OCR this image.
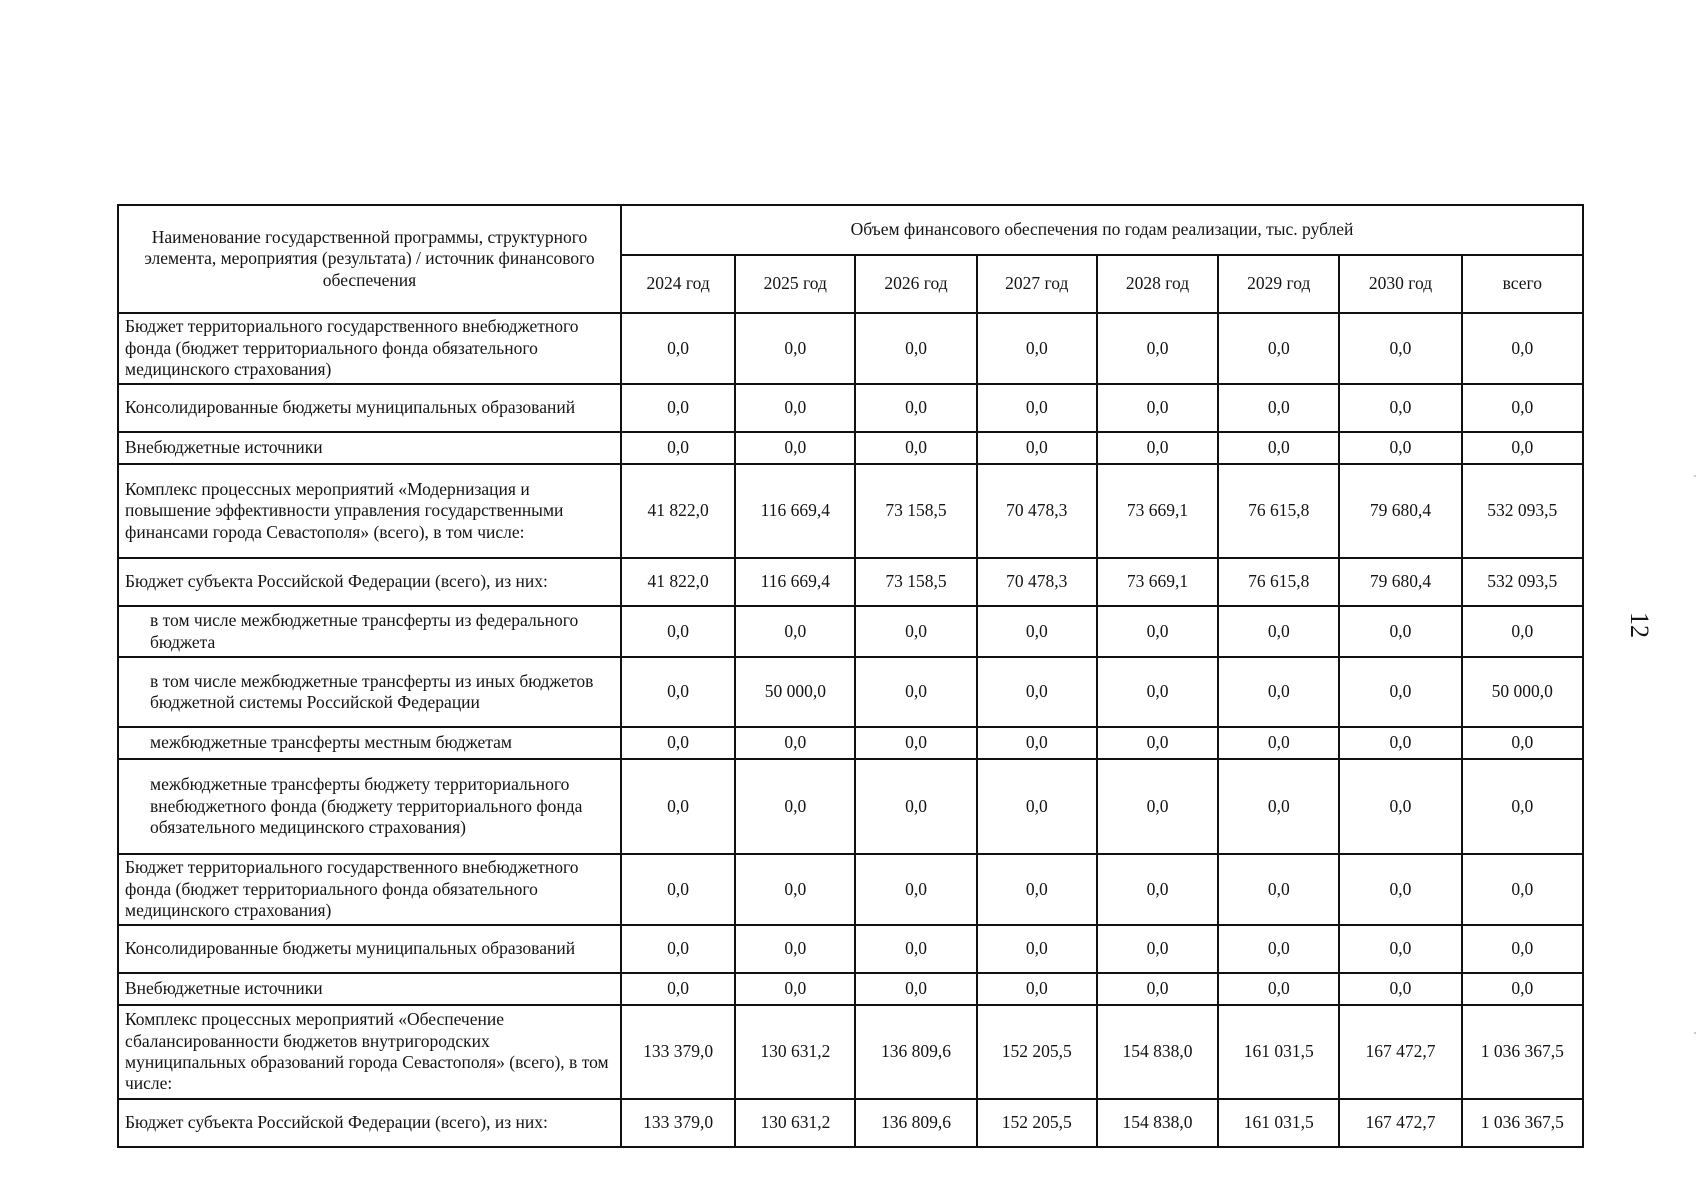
12
Наименование государственной программы, структурного элемента, мероприятия (результата) / источник финансового обеспечения	Объем финансового обеспечения по годам реализации, тыс. рублей							
	2024 год	2025 год	2026 год	2027 год	2028 год	2029 год	2030 год	всего
Бюджет территориального государственного внебюджетного фонда (бюджет территориального фонда обязательного медицинского страхования)	0,0	0,0	0,0	0,0	0,0	0,0	0,0	0,0
Консолидированные бюджеты муниципальных образований	0,0	0,0	0,0	0,0	0,0	0,0	0,0	0,0
Внебюджетные источники	0,0	0,0	0,0	0,0	0,0	0,0	0,0	0,0
Комплекс процессных мероприятий «Модернизация и повышение эффективности управления государственными финансами города Севастополя» (всего), в том числе:	41 822,0	116 669,4	73 158,5	70 478,3	73 669,1	76 615,8	79 680,4	532 093,5
Бюджет субъекта Российской Федерации (всего), из них:	41 822,0	116 669,4	73 158,5	70 478,3	73 669,1	76 615,8	79 680,4	532 093,5
в том числе межбюджетные трансферты из федерального бюджета	0,0	0,0	0,0	0,0	0,0	0,0	0,0	0,0
в том числе межбюджетные трансферты из иных бюджетов бюджетной системы Российской Федерации	0,0	50 000,0	0,0	0,0	0,0	0,0	0,0	50 000,0
межбюджетные трансферты местным бюджетам	0,0	0,0	0,0	0,0	0,0	0,0	0,0	0,0
межбюджетные трансферты бюджету территориального внебюджетного фонда (бюджету территориального фонда обязательного медицинского страхования)	0,0	0,0	0,0	0,0	0,0	0,0	0,0	0,0
Бюджет территориального государственного внебюджетного фонда (бюджет территориального фонда обязательного медицинского страхования)	0,0	0,0	0,0	0,0	0,0	0,0	0,0	0,0
Консолидированные бюджеты муниципальных образований	0,0	0,0	0,0	0,0	0,0	0,0	0,0	0,0
Внебюджетные источники	0,0	0,0	0,0	0,0	0,0	0,0	0,0	0,0
Комплекс процессных мероприятий «Обеспечение сбалансированности бюджетов внутригородских муниципальных образований города Севастополя» (всего), в том числе:	133 379,0	130 631,2	136 809,6	152 205,5	154 838,0	161 031,5	167 472,7	1 036 367,5
Бюджет субъекта Российской Федерации (всего), из них:	133 379,0	130 631,2	136 809,6	152 205,5	154 838,0	161 031,5	167 472,7	1 036 367,5
